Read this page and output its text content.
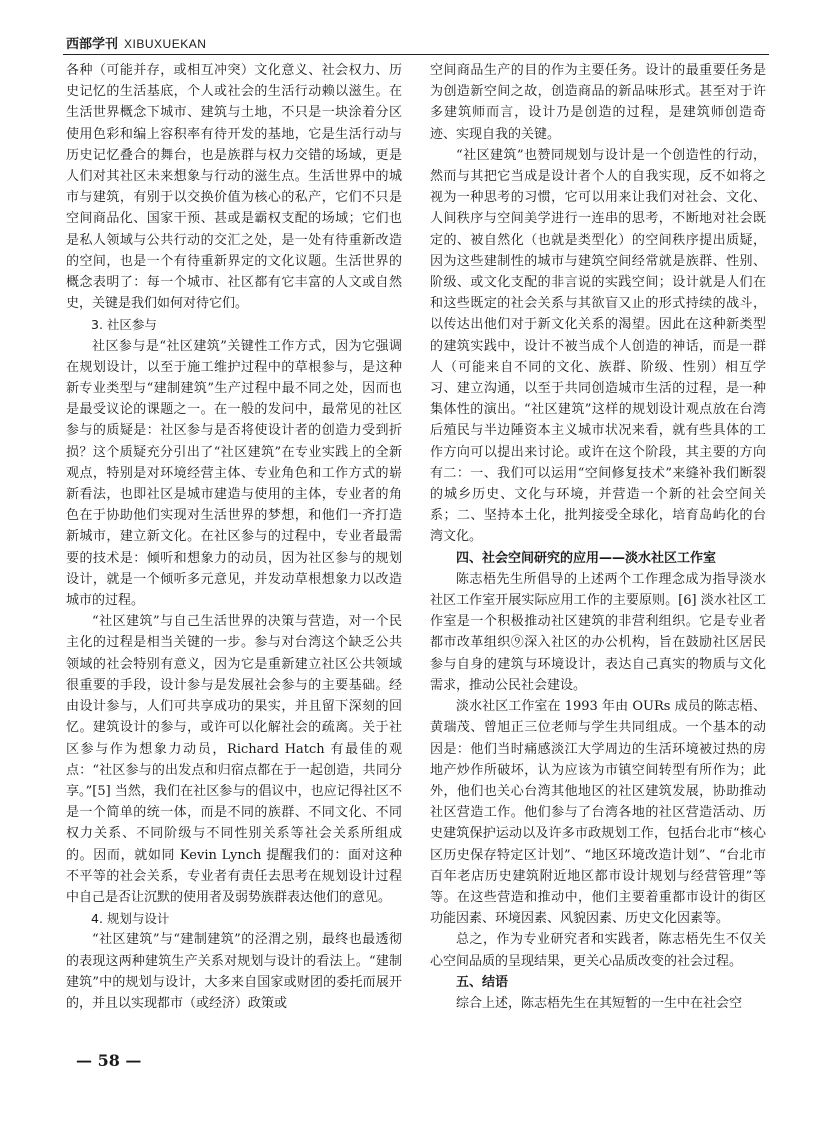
西部学刊 XIBUXUEKAN

各种（可能并存，或相互冲突）文化意义、社会权力、历史记忆的生活基底，个人或社会的生活行动赖以滋生。在生活世界概念下城市、建筑与土地，不只是一块涂着分区使用色彩和编上容积率有待开发的基地，它是生活行动与历史记忆叠合的舞台，也是族群与权力交错的场域，更是人们对其社区未来想象与行动的滋生点。生活世界中的城市与建筑，有别于以交换价值为核心的私产，它们不只是空间商品化、国家干预、甚或是霸权支配的场域；它们也是私人领域与公共行动的交汇之处，是一处有待重新改造的空间，也是一个有待重新界定的文化议题。生活世界的概念表明了：每一个城市、社区都有它丰富的人文或自然史，关键是我们如何对待它们。

3. 社区参与

社区参与是“社区建筑”关键性工作方式，因为它强调在规划设计，以至于施工维护过程中的草根参与，是这种新专业类型与“建制建筑”生产过程中最不同之处，因而也是最受议论的课题之一。在一般的发问中，最常见的社区参与的质疑是：社区参与是否将使设计者的创造力受到折损？这个质疑充分引出了“社区建筑”在专业实践上的全新观点，特别是对环境经营主体、专业角色和工作方式的崭新看法，也即社区是城市建造与使用的主体，专业者的角色在于协助他们实现对生活世界的梦想，和他们一齐打造新城市，建立新文化。在社区参与的过程中，专业者最需要的技术是：倾听和想象力的动员，因为社区参与的规划设计，就是一个倾听多元意见，并发动草根想象力以改造城市的过程。

“社区建筑”与自己生活世界的决策与营造，对一个民主化的过程是相当关键的一步。参与对台湾这个缺乏公共领域的社会特别有意义，因为它是重新建立社区公共领域很重要的手段，设计参与是发展社会参与的主要基础。经由设计参与，人们可共享成功的果实，并且留下深刻的回忆。建筑设计的参与，或许可以化解社会的疏离。关于社区参与作为想象力动员，Richard Hatch 有最佳的观点：“社区参与的出发点和归宿点都在于一起创造，共同分享。”[5] 当然，我们在社区参与的倡议中，也应记得社区不是一个简单的统一体，而是不同的族群、不同文化、不同权力关系、不同阶级与不同性别关系等社会关系所组成的。因而，就如同 Kevin Lynch 提醒我们的：面对这种不平等的社会关系，专业者有责任去思考在规划设计过程中自己是否让沉默的使用者及弱势族群表达他们的意见。

4. 规划与设计

“社区建筑”与“建制建筑”的泾渭之别，最终也最透彻的表现这两种建筑生产关系对规划与设计的看法上。“建制建筑”中的规划与设计，大多来自国家或财团的委托而展开的，并且以实现都市（或经济）政策或

空间商品生产的目的作为主要任务。设计的最重要任务是为创造新空间之故，创造商品的新品味形式。甚至对于许多建筑师而言，设计乃是创造的过程，是建筑师创造奇迹、实现自我的关键。

“社区建筑”也赞同规划与设计是一个创造性的行动，然而与其把它当成是设计者个人的自我实现，反不如将之视为一种思考的习惯，它可以用来让我们对社会、文化、人间秩序与空间美学进行一连串的思考，不断地对社会既定的、被自然化（也就是类型化）的空间秩序提出质疑，因为这些建制性的城市与建筑空间经常就是族群、性别、阶级、或文化支配的非言说的实践空间；设计就是人们在和这些既定的社会关系与其欲盲又止的形式持续的战斗，以传达出他们对于新文化关系的渴望。因此在这种新类型的建筑实践中，设计不被当成个人创造的神话，而是一群人（可能来自不同的文化、族群、阶级、性别）相互学习、建立沟通，以至于共同创造城市生活的过程，是一种集体性的演出。“社区建筑”这样的规划设计观点放在台湾后殖民与半边陲资本主义城市状况来看，就有些具体的工作方向可以提出来讨论。或许在这个阶段，其主要的方向有二：一、我们可以运用“空间修复技术”来缝补我们断裂的城乡历史、文化与环境，并营造一个新的社会空间关系；二、坚持本土化，批判接受全球化，培育岛屿化的台湾文化。

四、社会空间研究的应用——淡水社区工作室

陈志梧先生所倡导的上述两个工作理念成为指导淡水社区工作室开展实际应用工作的主要原则。[6] 淡水社区工作室是一个积极推动社区建筑的非营利组织。它是专业者都市改革组织⑨深入社区的办公机构，旨在鼓励社区居民参与自身的建筑与环境设计，表达自己真实的物质与文化需求，推动公民社会建设。

淡水社区工作室在 1993 年由 OURs 成员的陈志梧、黄瑞茂、曾旭正三位老师与学生共同组成。一个基本的动因是：他们当时痛感淡江大学周边的生活环境被过热的房地产炒作所破坏，认为应该为市镇空间转型有所作为；此外，他们也关心台湾其他地区的社区建筑发展，协助推动社区营造工作。他们参与了台湾各地的社区营造活动、历史建筑保护运动以及许多市政规划工作，包括台北市“核心区历史保存特定区计划”、“地区环境改造计划”、“台北市百年老店历史建筑附近地区都市设计规划与经营管理”等等。在这些营造和推动中，他们主要着重都市设计的街区功能因素、环境因素、风貌因素、历史文化因素等。

总之，作为专业研究者和实践者，陈志梧先生不仅关心空间品质的呈现结果，更关心品质改变的社会过程。

五、结语

综合上述，陈志梧先生在其短暂的一生中在社会空

— 58 —
